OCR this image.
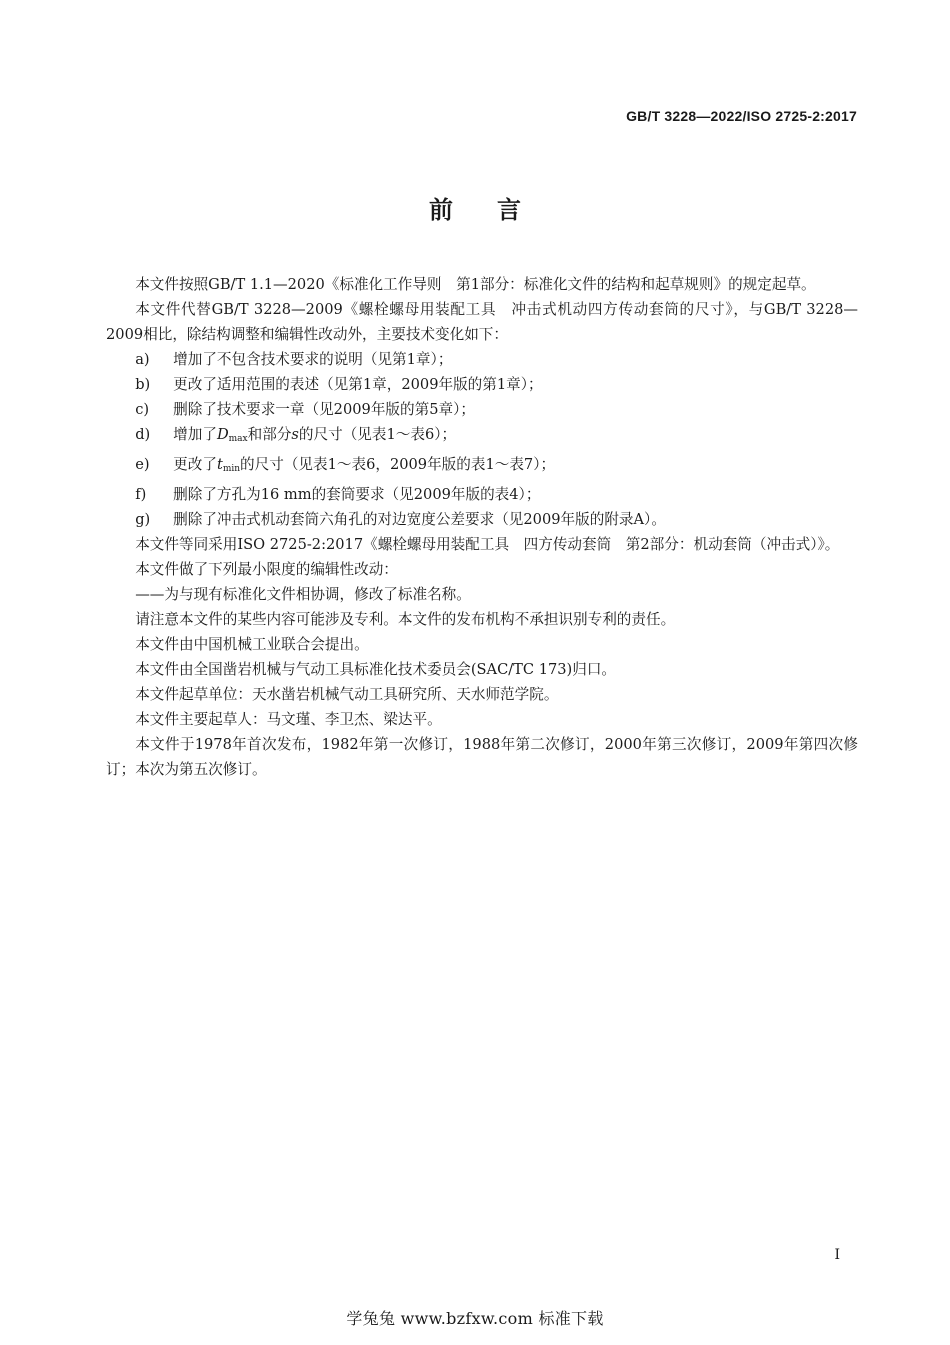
GB/T 3228—2022/ISO 2725-2:2017
前言

本文件按照GB/T 1.1—2020《标准化工作导则　第1部分：标准化文件的结构和起草规则》的规定起草。

本文件代替GB/T 3228—2009《螺栓螺母用装配工具　冲击式机动四方传动套筒的尺寸》，与GB/T 3228—2009相比，除结构调整和编辑性改动外，主要技术变化如下：

a) 增加了不包含技术要求的说明（见第1章）；

b) 更改了适用范围的表述（见第1章，2009年版的第1章）；

c) 删除了技术要求一章（见2009年版的第5章）；

d) 增加了$D_{max}$和部分s的尺寸（见表1～表6）；

e) 更改了$t_{min}$的尺寸（见表1～表6，2009年版的表1～表7）；

f) 删除了方孔为16 mm的套筒要求（见2009年版的表4）；

g) 删除了冲击式机动套筒六角孔的对边宽度公差要求（见2009年版的附录A）。

本文件等同采用ISO 2725-2:2017《螺栓螺母用装配工具　四方传动套筒　第2部分：机动套筒（冲击式）》。

本文件做了下列最小限度的编辑性改动：

——为与现有标准化文件相协调，修改了标准名称。

请注意本文件的某些内容可能涉及专利。本文件的发布机构不承担识别专利的责任。

本文件由中国机械工业联合会提出。

本文件由全国凿岩机械与气动工具标准化技术委员会(SAC/TC 173)归口。

本文件起草单位：天水凿岩机械气动工具研究所、天水师范学院。

本文件主要起草人：马文瑾、李卫杰、梁达平。

本文件于1978年首次发布，1982年第一次修订，1988年第二次修订，2000年第三次修订，2009年第四次修订；本次为第五次修订。

I
学兔兔 www.bzfxw.com 标准下载
